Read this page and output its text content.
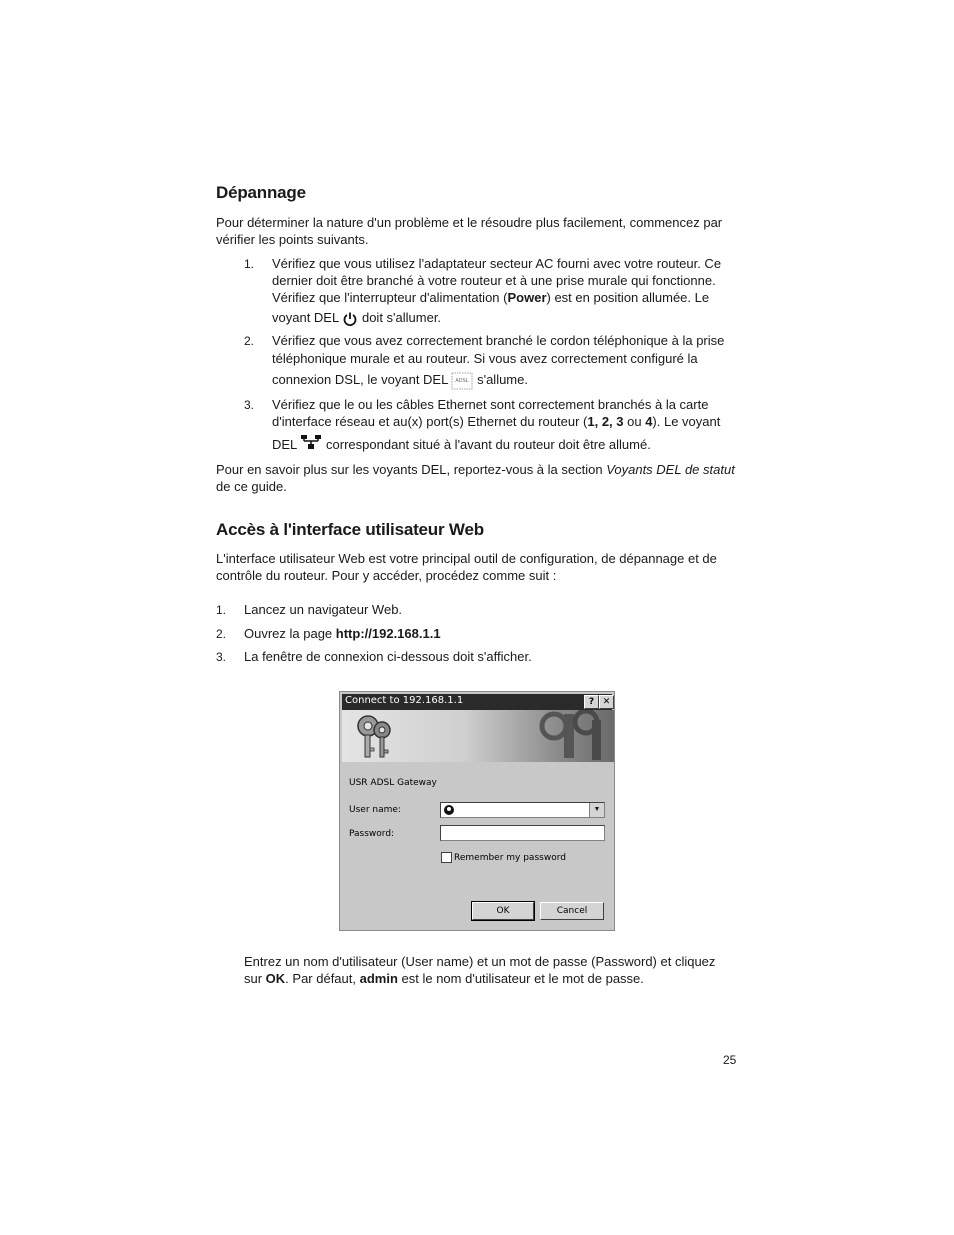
Dépannage
Pour déterminer la nature d'un problème et le résoudre plus facilement, commencez par
vérifier les points suivants.
1. Vérifiez que vous utilisez l'adaptateur secteur AC fourni avec votre routeur. Ce
dernier doit être branché à votre routeur et à une prise murale qui fonctionne.
Vérifiez que l'interrupteur d'alimentation (Power) est en position allumée. Le
voyant DEL  doit s'allumer.
2. Vérifiez que vous avez correctement branché le cordon téléphonique à la prise
téléphonique murale et au routeur. Si vous avez correctement configuré la
connexion DSL, le voyant DEL ADSL s'allume.
3. Vérifiez que le ou les câbles Ethernet sont correctement branchés à la carte
d'interface réseau et au(x) port(s) Ethernet du routeur (1, 2, 3 ou 4). Le voyant
DEL  correspondant situé à l'avant du routeur doit être allumé.
Pour en savoir plus sur les voyants DEL, reportez-vous à la section Voyants DEL de statut
de ce guide.
Accès à l'interface utilisateur Web
L'interface utilisateur Web est votre principal outil de configuration, de dépannage et de
contrôle du routeur. Pour y accéder, procédez comme suit :
1. Lancez un navigateur Web.
2. Ouvrez la page http://192.168.1.1
3. La fenêtre de connexion ci-dessous doit s'afficher.
Connect to 192.168.1.1	? ✕
USR ADSL Gateway
User name:	▼
Password:
Remember my password
OK	Cancel
Entrez un nom d'utilisateur (User name) et un mot de passe (Password) et cliquez
sur OK. Par défaut, admin est le nom d'utilisateur et le mot de passe.
25
